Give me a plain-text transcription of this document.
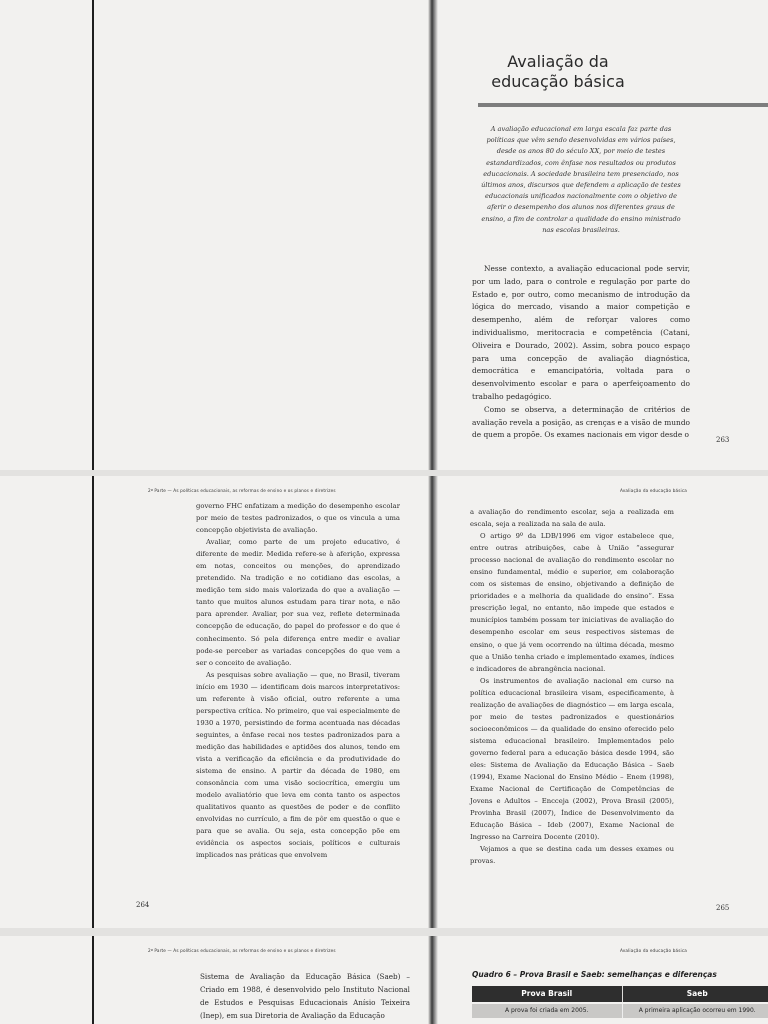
Avaliação da
educação básica
A avaliação educacional em larga escala faz parte das políticas que vêm sendo desenvolvidas em vários países, desde os anos 80 do século XX, por meio de testes estandardizados, com ênfase nos resultados ou produtos educacionais. A sociedade brasileira tem presenciado, nos últimos anos, discursos que defendem a aplicação de testes educacionais unificados nacionalmente com o objetivo de aferir o desempenho dos alunos nos diferentes graus de ensino, a fim de controlar a qualidade do ensino ministrado nas escolas brasileiras.

Nesse contexto, a avaliação educacional pode servir, por um lado, para o controle e regulação por parte do Estado e, por outro, como mecanismo de introdução da lógica do mercado, visando a maior competição e desempenho, além de reforçar valores como individualismo, meritocracia e competência (Catani, Oliveira e Dourado, 2002). Assim, sobra pouco espaço para uma concepção de avaliação diagnóstica, democrática e emancipatória, voltada para o desenvolvimento escolar e para o aperfeiçoamento do trabalho pedagógico.

Como se observa, a determinação de critérios de avaliação revela a posição, as crenças e a visão de mundo de quem a propõe. Os exames nacionais em vigor desde o

263
2ª Parte — As políticas educacionais, as reformas de ensino e os planos e diretrizes	Avaliação da educação básica

governo FHC enfatizam a medição do desempenho escolar por meio de testes padronizados, o que os vincula a uma concepção objetivista de avaliação.

Avaliar, como parte de um projeto educativo, é diferente de medir. Medida refere-se à aferição, expressa em notas, conceitos ou menções, do aprendizado pretendido. Na tradição e no cotidiano das escolas, a medição tem sido mais valorizada do que a avaliação — tanto que muitos alunos estudam para tirar nota, e não para aprender. Avaliar, por sua vez, reflete determinada concepção de educação, do papel do professor e do que é conhecimento. Só pela diferença entre medir e avaliar pode-se perceber as variadas concepções do que vem a ser o conceito de avaliação.

As pesquisas sobre avaliação — que, no Brasil, tiveram início em 1930 — identificam dois marcos interpretativos: um referente à visão oficial, outro referente a uma perspectiva crítica. No primeiro, que vai especialmente de 1930 a 1970, persistindo de forma acentuada nas décadas seguintes, a ênfase recai nos testes padronizados para a medição das habilidades e aptidões dos alunos, tendo em vista a verificação da eficiência e da produtividade do sistema de ensino. A partir da década de 1980, em consonância com uma visão sociocrítica, emergiu um modelo avaliatório que leva em conta tanto os aspectos qualitativos quanto as questões de poder e de conflito envolvidas no currículo, a fim de pôr em questão o que e para que se avalia. Ou seja, esta concepção põe em evidência os aspectos sociais, políticos e culturais implicados nas práticas que envolvem

264

a avaliação do rendimento escolar, seja a realizada em escala, seja a realizada na sala de aula.

O artigo 9º da LDB/1996 em vigor estabelece que, entre outras atribuições, cabe à União “assegurar processo nacional de avaliação do rendimento escolar no ensino fundamental, médio e superior, em colaboração com os sistemas de ensino, objetivando a definição de prioridades e a melhoria da qualidade do ensino”. Essa prescrição legal, no entanto, não impede que estados e municípios também possam ter iniciativas de avaliação do desempenho escolar em seus respectivos sistemas de ensino, o que já vem ocorrendo na última década, mesmo que a União tenha criado e implementado exames, índices e indicadores de abrangência nacional.

Os instrumentos de avaliação nacional em curso na política educacional brasileira visam, especificamente, à realização de avaliações de diagnóstico — em larga escala, por meio de testes padronizados e questionários socioeconômicos — da qualidade do ensino oferecido pelo sistema educacional brasileiro. Implementados pelo governo federal para a educação básica desde 1994, são eles: Sistema de Avaliação da Educação Básica – Saeb (1994), Exame Nacional do Ensino Médio – Enem (1998), Exame Nacional de Certificação de Competências de Jovens e Adultos – Encceja (2002), Prova Brasil (2005), Provinha Brasil (2007), Índice de Desenvolvimento da Educação Básica – Ideb (2007), Exame Nacional de Ingresso na Carreira Docente (2010).

Vejamos a que se destina cada um desses exames ou provas.

265
2ª Parte — As políticas educacionais, as reformas de ensino e os planos e diretrizes	Avaliação da educação básica
Sistema de Avaliação da Educação Básica (Saeb) – Criado em 1988, é desenvolvido pelo Instituto Nacional de Estudos e Pesquisas Educacionais Anísio Teixeira (Inep), em sua Diretoria de Avaliação da Educação
Quadro 6 – Prova Brasil e Saeb: semelhanças e diferenças
Prova Brasil	Saeb
A prova foi criada em 2005.	A primeira aplicação ocorreu em 1990.
